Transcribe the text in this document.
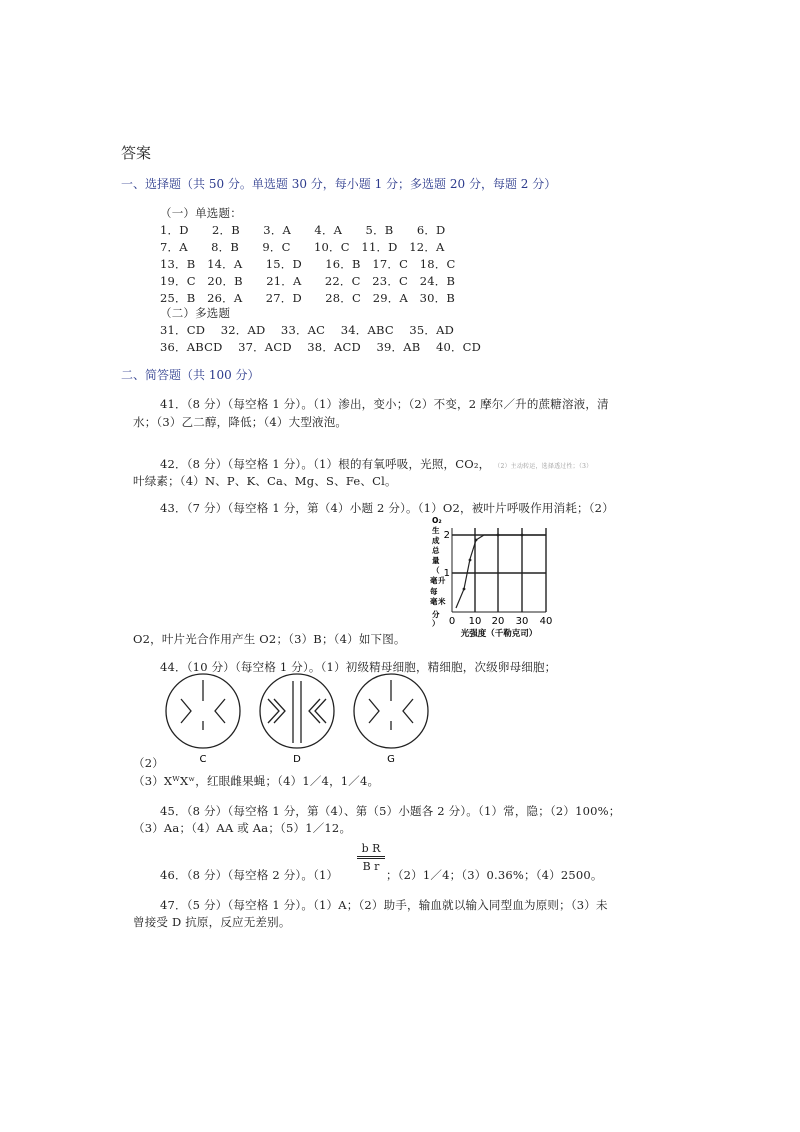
答案
一、选择题（共 50 分。单选题 30 分，每小题 1 分；多选题 20 分，每题 2 分）
（一）单选题：
1．D　　2．B　　3．A　　4．A　　5．B　　6．D
7．A　　8．B　　9．C　　10．C　11．D　12．A
13．B　14．A　　15．D　　16．B　17．C　18．C
19．C　20．B　　21．A　　22．C　23．C　24．B
25．B　26．A　　27．D　　28．C　29．A　30．B
（二）多选题
31．CD　 32．AD　 33．AC　 34．ABC　 35．AD
36．ABCD　 37．ACD　 38．ACD　 39．AB　 40．CD
二、简答题（共 100 分）
41．（8 分）（每空格 1 分）。（1）渗出，变小；（2）不变，2 摩尔／升的蔗糖溶液，清
水；（3）乙二醇，降低；（4）大型液泡。
42．（8 分）（每空格 1 分）。（1）根的有氧呼吸，光照，CO₂， （2）主动转运，选择透过性；（3）
叶绿素；（4）N、P、K、Ca、Mg、S、Fe、Cl。
43．（7 分）（每空格 1 分，第（4）小题 2 分）。（1）O2，被叶片呼吸作用消耗；（2）
O2，叶片光合作用产生 O2；（3）B；（4）如下图。
O₂
生
成
总
量
（
毫 升
每
毫 米
分
）
2
1
0 10 20 30 40
光强度（千勒克司）
44．（10 分）（每空格 1 分）。（1）初级精母细胞，精细胞，次级卵母细胞；
C	D	G
（2）
（3）XᵂXʷ，红眼雌果蝇；（4）1／4，1／4。
45．（8 分）（每空格 1 分，第（4）、第（5）小题各 2 分）。（1）常，隐；（2）100%；
（3）Aa；（4）AA 或 Aa；（5）1／12。
46．（8 分）（每空格 2 分）。（1）
b R
B r
；（2）1／4；（3）0.36%；（4）2500。
47．（5 分）（每空格 1 分）。（1）A；（2）助手，输血就以输入同型血为原则；（3）未
曾接受 D 抗原，反应无差别。
